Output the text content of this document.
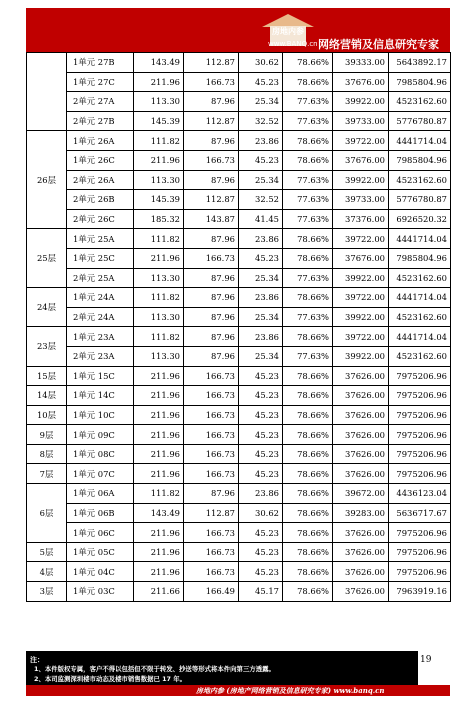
房地内参
www.BANQ.cn 网络营销及信息研究专家
	1单元 27B	143.49	112.87	30.62	78.66%	39333.00	5643892.17
	1单元 27C	211.96	166.73	45.23	78.66%	37676.00	7985804.96
	2单元 27A	113.30	87.96	25.34	77.63%	39922.00	4523162.60
	2单元 27B	145.39	112.87	32.52	77.63%	39733.00	5776780.87
26层	1单元 26A	111.82	87.96	23.86	78.66%	39722.00	4441714.04
	1单元 26C	211.96	166.73	45.23	78.66%	37676.00	7985804.96
	2单元 26A	113.30	87.96	25.34	77.63%	39922.00	4523162.60
	2单元 26B	145.39	112.87	32.52	77.63%	39733.00	5776780.87
	2单元 26C	185.32	143.87	41.45	77.63%	37376.00	6926520.32
25层	1单元 25A	111.82	87.96	23.86	78.66%	39722.00	4441714.04
	1单元 25C	211.96	166.73	45.23	78.66%	37676.00	7985804.96
	2单元 25A	113.30	87.96	25.34	77.63%	39922.00	4523162.60
24层	1单元 24A	111.82	87.96	23.86	78.66%	39722.00	4441714.04
	2单元 24A	113.30	87.96	25.34	77.63%	39922.00	4523162.60
23层	1单元 23A	111.82	87.96	23.86	78.66%	39722.00	4441714.04
	2单元 23A	113.30	87.96	25.34	77.63%	39922.00	4523162.60
15层	1单元 15C	211.96	166.73	45.23	78.66%	37626.00	7975206.96
14层	1单元 14C	211.96	166.73	45.23	78.66%	37626.00	7975206.96
10层	1单元 10C	211.96	166.73	45.23	78.66%	37626.00	7975206.96
9层	1单元 09C	211.96	166.73	45.23	78.66%	37626.00	7975206.96
8层	1单元 08C	211.96	166.73	45.23	78.66%	37626.00	7975206.96
7层	1单元 07C	211.96	166.73	45.23	78.66%	37626.00	7975206.96
6层	1单元 06A	111.82	87.96	23.86	78.66%	39672.00	4436123.04
	1单元 06B	143.49	112.87	30.62	78.66%	39283.00	5636717.67
	1单元 06C	211.96	166.73	45.23	78.66%	37626.00	7975206.96
5层	1单元 05C	211.96	166.73	45.23	78.66%	37626.00	7975206.96
4层	1单元 04C	211.96	166.73	45.23	78.66%	37626.00	7975206.96
3层	1单元 03C	211.66	166.49	45.17	78.66%	37626.00	7963919.16
19
注：
1、本件版权专属，客户不得以包括但不限于转发、抄送等形式将本件向第三方透露。
2、本司监测深圳楼市动态及楼市销售数据已 17 年。
房地内参 (房地产网络营销及信息研究专家) www.banq.cn
